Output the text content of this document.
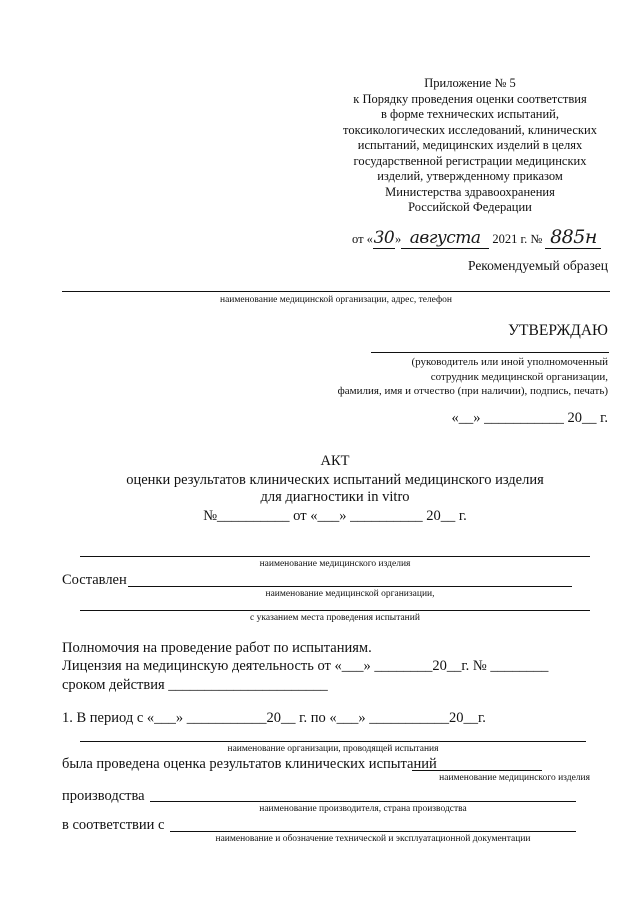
Приложение № 5
к Порядку проведения оценки соответствия
в форме технических испытаний,
токсикологических исследований, клинических
испытаний, медицинских изделий в целях
государственной регистрации медицинских
изделий, утвержденному приказом
Министерства здравоохранения
Российской Федерации
от «30» августа 2021 г. № 885н
Рекомендуемый образец
наименование медицинской организации, адрес, телефон
УТВЕРЖДАЮ
(руководитель или иной уполномоченный
сотрудник медицинской организации,
фамилия, имя и отчество (при наличии), подпись, печать)
«__» ___________ 20__ г.
АКТ
оценки результатов клинических испытаний медицинского изделия
для диагностики in vitro
№__________ от «___» __________ 20__ г.
наименование медицинского изделия
Составлен
наименование медицинской организации,
с указанием места проведения испытаний
Полномочия на проведение работ по испытаниям.
Лицензия на медицинскую деятельность от «___» ________20__г. № ________
сроком действия ______________________
1. В период с «___» ___________20__ г. по «___» ___________20__г.
наименование организации, проводящей испытания
была проведена оценка результатов клинических испытаний
наименование медицинского изделия
производства
наименование производителя, страна производства
в соответствии с
наименование и обозначение технической и эксплуатационной документации
